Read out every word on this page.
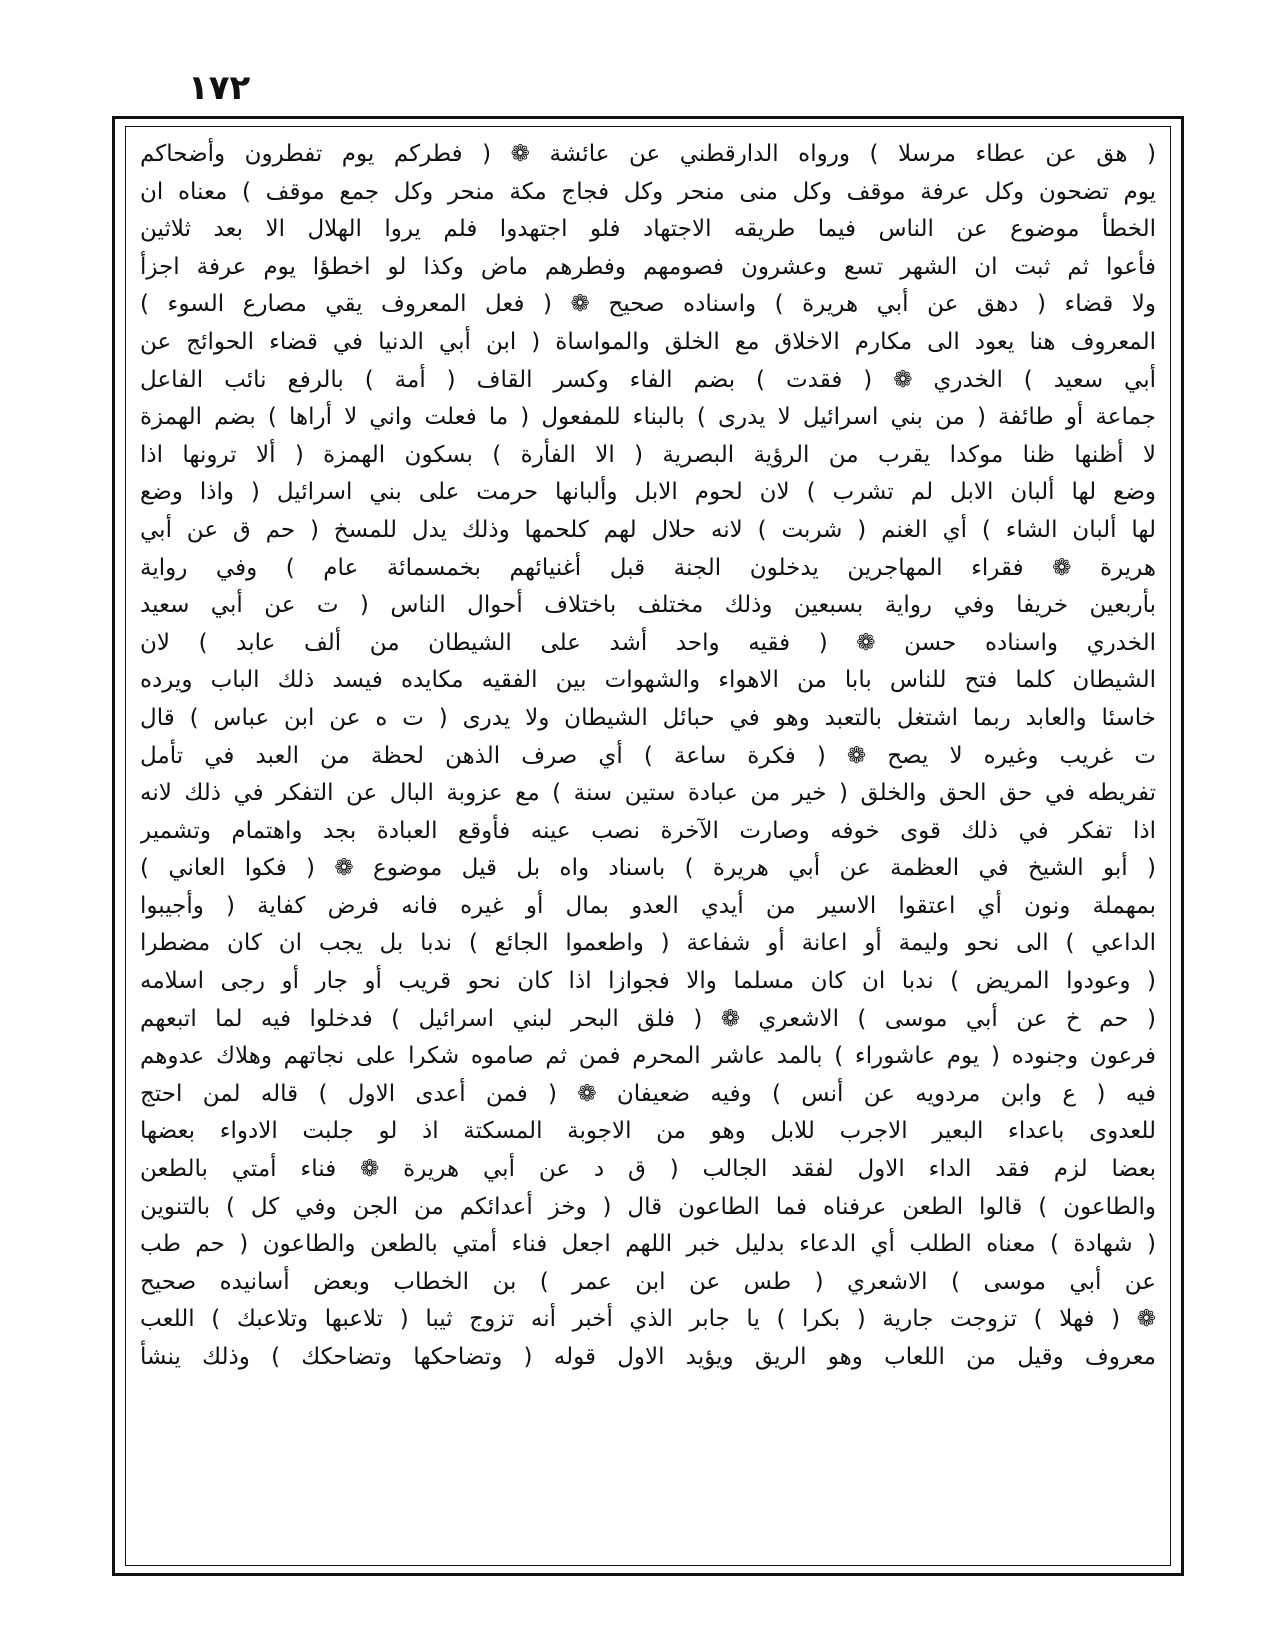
١٧٢
( هق عن عطاء مرسلا ) ورواه الدارقطني عن عائشة ❁ ( فطركم يوم تفطرون وأضحاكم
يوم تضحون وكل عرفة موقف وكل منى منحر وكل فجاج مكة منحر وكل جمع موقف ) معناه ان
الخطأ موضوع عن الناس فيما طريقه الاجتهاد فلو اجتهدوا فلم يروا الهلال الا بعد ثلاثين
فأعوا ثم ثبت ان الشهر تسع وعشرون فصومهم وفطرهم ماض وكذا لو اخطؤا يوم عرفة اجزأ
ولا قضاء ( دهق عن أبي هريرة ) واسناده صحيح ❁ ( فعل المعروف يقي مصارع السوء )
المعروف هنا يعود الى مكارم الاخلاق مع الخلق والمواساة ( ابن أبي الدنيا في قضاء الحوائج عن
أبي سعيد ) الخدري ❁ ( فقدت ) بضم الفاء وكسر القاف ( أمة ) بالرفع نائب الفاعل
جماعة أو طائفة ( من بني اسرائيل لا يدرى ) بالبناء للمفعول ( ما فعلت واني لا أراها ) بضم الهمزة
لا أظنها ظنا موكدا يقرب من الرؤية البصرية ( الا الفأرة ) بسكون الهمزة ( ألا ترونها اذا
وضع لها ألبان الابل لم تشرب ) لان لحوم الابل وألبانها حرمت على بني اسرائيل ( واذا وضع
لها ألبان الشاء ) أي الغنم ( شربت ) لانه حلال لهم كلحمها وذلك يدل للمسخ ( حم ق عن أبي
هريرة ❁ فقراء المهاجرين يدخلون الجنة قبل أغنيائهم بخمسمائة عام ) وفي رواية
بأربعين خريفا وفي رواية بسبعين وذلك مختلف باختلاف أحوال الناس ( ت عن أبي سعيد
الخدري واسناده حسن ❁ ( فقيه واحد أشد على الشيطان من ألف عابد ) لان
الشيطان كلما فتح للناس بابا من الاهواء والشهوات بين الفقيه مكايده فيسد ذلك الباب ويرده
خاسئا والعابد ربما اشتغل بالتعبد وهو في حبائل الشيطان ولا يدرى ( ت ه عن ابن عباس ) قال
ت غريب وغيره لا يصح ❁ ( فكرة ساعة ) أي صرف الذهن لحظة من العبد في تأمل
تفريطه في حق الحق والخلق ( خير من عبادة ستين سنة ) مع عزوبة البال عن التفكر في ذلك لانه
اذا تفكر في ذلك قوى خوفه وصارت الآخرة نصب عينه فأوقع العبادة بجد واهتمام وتشمير
( أبو الشيخ في العظمة عن أبي هريرة ) باسناد واه بل قيل موضوع ❁ ( فكوا العاني )
بمهملة ونون أي اعتقوا الاسير من أيدي العدو بمال أو غيره فانه فرض كفاية ( وأجيبوا
الداعي ) الى نحو وليمة أو اعانة أو شفاعة ( واطعموا الجائع ) ندبا بل يجب ان كان مضطرا
( وعودوا المريض ) ندبا ان كان مسلما والا فجوازا اذا كان نحو قريب أو جار أو رجى اسلامه
( حم خ عن أبي موسى ) الاشعري ❁ ( فلق البحر لبني اسرائيل ) فدخلوا فيه لما اتبعهم
فرعون وجنوده ( يوم عاشوراء ) بالمد عاشر المحرم فمن ثم صاموه شكرا على نجاتهم وهلاك عدوهم
فيه ( ع وابن مردويه عن أنس ) وفيه ضعيفان ❁ ( فمن أعدى الاول ) قاله لمن احتج
للعدوى باعداء البعير الاجرب للابل وهو من الاجوبة المسكتة اذ لو جلبت الادواء بعضها
بعضا لزم فقد الداء الاول لفقد الجالب ( ق د عن أبي هريرة ❁ فناء أمتي بالطعن
والطاعون ) قالوا الطعن عرفناه فما الطاعون قال ( وخز أعدائكم من الجن وفي كل ) بالتنوين
( شهادة ) معناه الطلب أي الدعاء بدليل خبر اللهم اجعل فناء أمتي بالطعن والطاعون ( حم طب
عن أبي موسى ) الاشعري ( طس عن ابن عمر ) بن الخطاب وبعض أسانيده صحيح
❁ ( فهلا ) تزوجت جارية ( بكرا ) يا جابر الذي أخبر أنه تزوج ثيبا ( تلاعبها وتلاعبك ) اللعب
معروف وقيل من اللعاب وهو الريق ويؤيد الاول قوله ( وتضاحكها وتضاحكك ) وذلك ينشأ
